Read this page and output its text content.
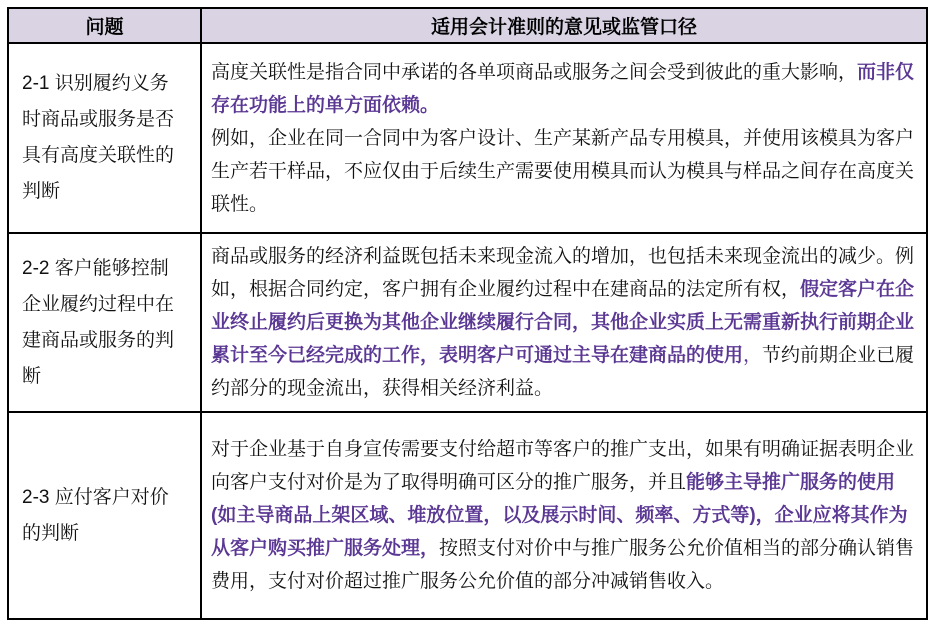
问题	适用会计准则的意见或监管口径
2-1 识别履约义务时商品或服务是否具有高度关联性的判断	高度关联性是指合同中承诺的各单项商品或服务之间会受到彼此的重大影响，而非仅存在功能上的单方面依赖。
例如，企业在同一合同中为客户设计、生产某新产品专用模具，并使用该模具为客户生产若干样品，不应仅由于后续生产需要使用模具而认为模具与样品之间存在高度关联性。

2-2 客户能够控制企业履约过程中在建商品或服务的判断	商品或服务的经济利益既包括未来现金流入的增加，也包括未来现金流出的减少。例如，根据合同约定，客户拥有企业履约过程中在建商品的法定所有权，假定客户在企业终止履约后更换为其他企业继续履行合同，其他企业实质上无需重新执行前期企业累计至今已经完成的工作，表明客户可通过主导在建商品的使用，节约前期企业已履约部分的现金流出，获得相关经济利益。

2-3 应付客户对价的判断	对于企业基于自身宣传需要支付给超市等客户的推广支出，如果有明确证据表明企业向客户支付对价是为了取得明确可区分的推广服务，并且能够主导推广服务的使用 (如主导商品上架区域、堆放位置，以及展示时间、频率、方式等)，企业应将其作为从客户购买推广服务处理，按照支付对价中与推广服务公允价值相当的部分确认销售费用，支付对价超过推广服务公允价值的部分冲减销售收入。
